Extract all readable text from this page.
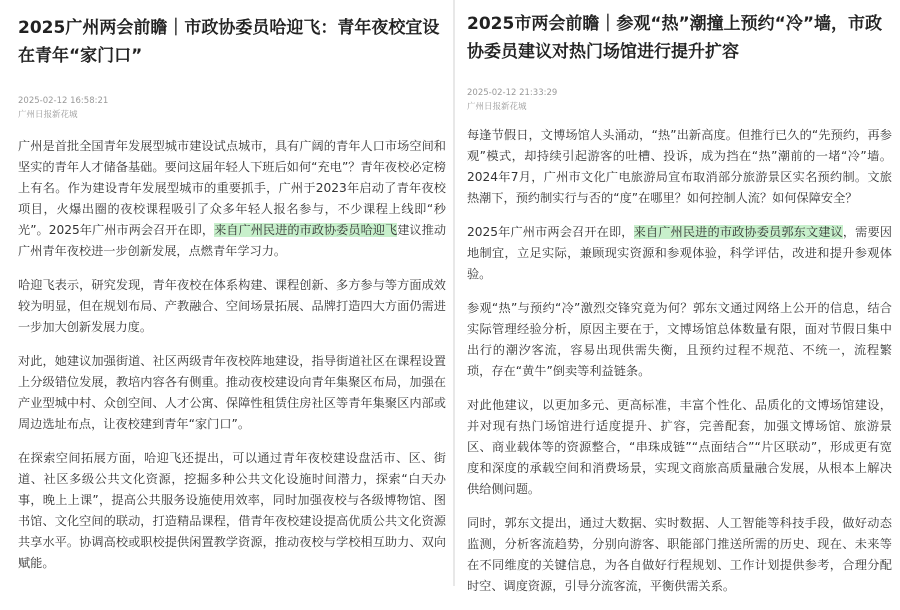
2025广州两会前瞻｜市政协委员哈迎飞：青年夜校宜设在青年“家门口”
2025-02-12 16:58:21
广州日报新花城

广州是首批全国青年发展型城市建设试点城市，具有广阔的青年人口市场空间和坚实的青年人才储备基础。要问这届年轻人下班后如何“充电”？青年夜校必定榜上有名。作为建设青年发展型城市的重要抓手，广州于2023年启动了青年夜校项目，火爆出圈的夜校课程吸引了众多年轻人报名参与，不少课程上线即“秒光”。2025年广州市两会召开在即，来自广州民进的市政协委员哈迎飞建议推动广州青年夜校进一步创新发展，点燃青年学习力。

哈迎飞表示，研究发现，青年夜校在体系构建、课程创新、多方参与等方面成效较为明显，但在规划布局、产教融合、空间场景拓展、品牌打造四大方面仍需进一步加大创新发展力度。

对此，她建议加强街道、社区两级青年夜校阵地建设，指导街道社区在课程设置上分级错位发展，教培内容各有侧重。推动夜校建设向青年集聚区布局，加强在产业型城中村、众创空间、人才公寓、保障性租赁住房社区等青年集聚区内部或周边选址布点，让夜校建到青年“家门口”。

在探索空间拓展方面，哈迎飞还提出，可以通过青年夜校建设盘活市、区、街道、社区多级公共文化资源，挖掘多种公共文化设施时间潜力，探索“白天办事，晚上上课”，提高公共服务设施使用效率，同时加强夜校与各级博物馆、图书馆、文化空间的联动，打造精品课程，借青年夜校建设提高优质公共文化资源共享水平。协调高校或职校提供闲置教学资源，推动夜校与学校相互助力、双向赋能。

2025市两会前瞻｜参观“热”潮撞上预约“冷”墙，市政协委员建议对热门场馆进行提升扩容
2025-02-12 21:33:29
广州日报新花城

每逢节假日，文博场馆人头涌动，“热”出新高度。但推行已久的“先预约，再参观”模式，却持续引起游客的吐槽、投诉，成为挡在“热”潮前的一堵“冷”墙。2024年7月，广州市文化广电旅游局宣布取消部分旅游景区实名预约制。文旅热潮下，预约制实行与否的“度”在哪里？如何控制人流？如何保障安全？

2025年广州市两会召开在即，来自广州民进的市政协委员郭东文建议，需要因地制宜，立足实际，兼顾现实资源和参观体验，科学评估，改进和提升参观体验。

参观“热”与预约“冷”激烈交锋究竟为何？郭东文通过网络上公开的信息，结合实际管理经验分析，原因主要在于，文博场馆总体数量有限，面对节假日集中出行的潮汐客流，容易出现供需失衡，且预约过程不规范、不统一，流程繁琐，存在“黄牛”倒卖等利益链条。

对此他建议，以更加多元、更高标准，丰富个性化、品质化的文博场馆建设，并对现有热门场馆进行适度提升、扩容，完善配套，加强文博场馆、旅游景区、商业载体等的资源整合，“串珠成链”“点面结合”“片区联动”，形成更有宽度和深度的承载空间和消费场景，实现文商旅高质量融合发展，从根本上解决供给侧问题。

同时，郭东文提出，通过大数据、实时数据、人工智能等科技手段，做好动态监测，分析客流趋势，分别向游客、职能部门推送所需的历史、现在、未来等在不同维度的关键信息，为各自做好行程规划、工作计划提供参考，合理分配时空、调度资源，引导分流客流，平衡供需关系。
